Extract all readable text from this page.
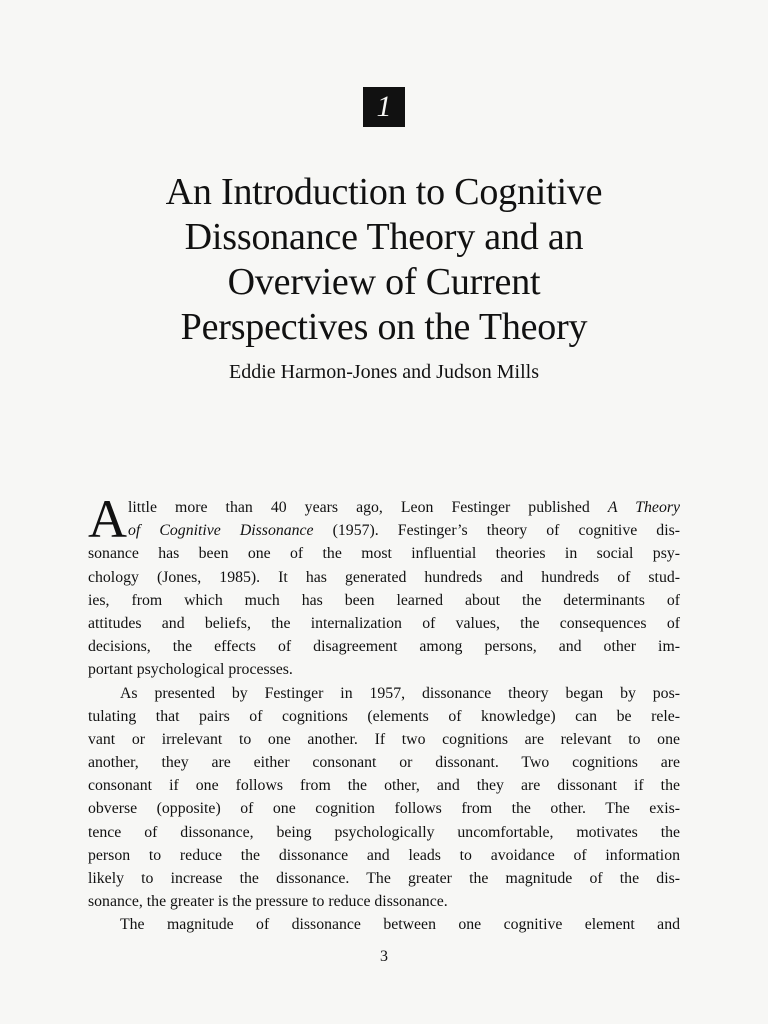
1
An Introduction to Cognitive
Dissonance Theory and an
Overview of Current
Perspectives on the Theory
Eddie Harmon-Jones and Judson Mills
A little more than 40 years ago, Leon Festinger published A Theory
of Cognitive Dissonance (1957). Festinger’s theory of cognitive dis-
sonance has been one of the most influential theories in social psy-
chology (Jones, 1985). It has generated hundreds and hundreds of stud-
ies, from which much has been learned about the determinants of
attitudes and beliefs, the internalization of values, the consequences of
decisions, the effects of disagreement among persons, and other im-
portant psychological processes.
As presented by Festinger in 1957, dissonance theory began by pos-
tulating that pairs of cognitions (elements of knowledge) can be rele-
vant or irrelevant to one another. If two cognitions are relevant to one
another, they are either consonant or dissonant. Two cognitions are
consonant if one follows from the other, and they are dissonant if the
obverse (opposite) of one cognition follows from the other. The exis-
tence of dissonance, being psychologically uncomfortable, motivates the
person to reduce the dissonance and leads to avoidance of information
likely to increase the dissonance. The greater the magnitude of the dis-
sonance, the greater is the pressure to reduce dissonance.
The magnitude of dissonance between one cognitive element and
3
